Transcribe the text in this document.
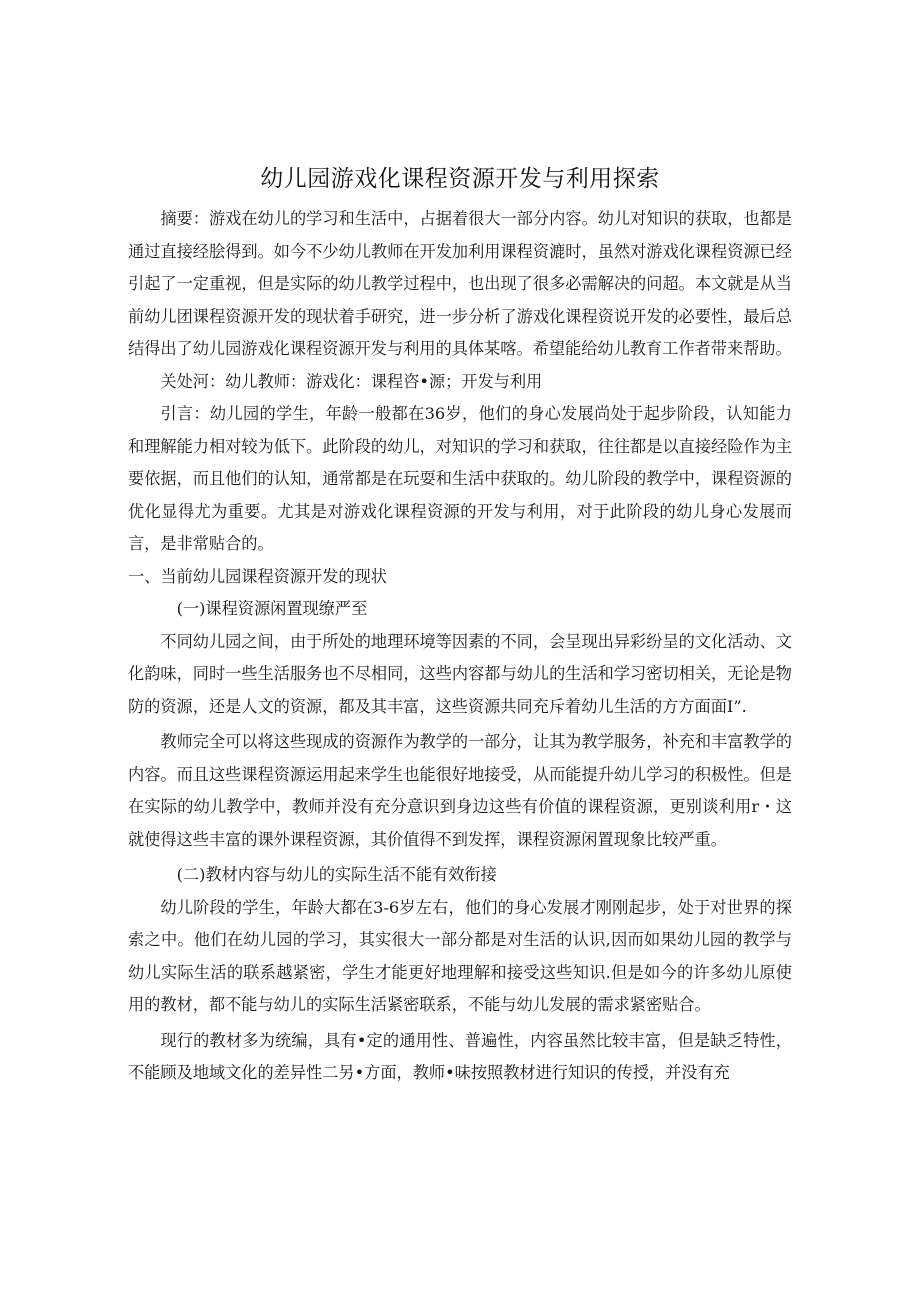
幼儿园游戏化课程资源开发与利用探索

摘要：游戏在幼儿的学习和生活中，占据着很大一部分内容。幼儿对知识的获取，也都是通过直接经脍得到。如今不少幼儿教师在开发加利用课程资漉时，虽然对游戏化课程资源已经引起了一定重视，但是实际的幼儿教学过程中，也出现了很多必需解决的问超。本文就是从当前幼儿团课程资源开发的现状着手研究，进一步分析了游戏化课程资说开发的必要性，最后总结得出了幼儿园游戏化课程资源开发与利用的具体某喀。希望能给幼儿教育工作者带来帮助。

关处河：幼儿教师：游戏化：课程咨•源；开发与利用

引言：幼儿园的学生，年龄一般都在36岁，他们的身心发展尚处于起步阶段，认知能力和理解能力相对较为低下。此阶段的幼儿，对知识的学习和获取，往往都是以直接经险作为主要依据，而且他们的认知，通常都是在玩耍和生活中获取的。幼儿阶段的教学中，课程资源的优化显得尤为重要。尤其是对游戏化课程资源的开发与利用，对于此阶段的幼儿身心发展而言，是非常贴合的。

一、当前幼儿园课程资源开发的现状

(一)课程资源闲置现缭严至

不同幼儿园之间，由于所处的地理环境等因素的不同，会呈现出异彩纷呈的文化活动、文化韵味，同时一些生活服务也不尽相同，这些内容都与幼儿的生活和学习密切相关，无论是物防的资源，还是人文的资源，都及其丰富，这些资源共同充斥着幼儿生活的方方面面I”.

教师完全可以将这些现成的资源作为教学的一部分，让其为教学服务，补充和丰富教学的内容。而且这些课程资源运用起来学生也能很好地接受，从而能提升幼儿学习的积极性。但是在实际的幼儿教学中，教师并没有充分意识到身边这些有价值的课程资源，更别谈利用r・这就使得这些丰富的课外课程资源，其价值得不到发挥，课程资源闲置现象比较严重。

(二)教材内容与幼儿的实际生活不能有效衔接

幼儿阶段的学生，年龄大都在3-6岁左右，他们的身心发展才刚刚起步，处于对世界的探索之中。他们在幼儿园的学习，其实很大一部分都是对生活的认识,因而如果幼儿园的教学与幼儿实际生活的联系越紧密，学生才能更好地理解和接受这些知识.但是如今的许多幼儿原使用的教材，都不能与幼儿的实际生活紧密联系，不能与幼儿发展的需求紧密贴合。

现行的教材多为统编，具有•定的通用性、普遍性，内容虽然比较丰富，但是缺乏特性，不能顾及地域文化的差异性二另•方面，教师•味按照教材进行知识的传授，并没有充
